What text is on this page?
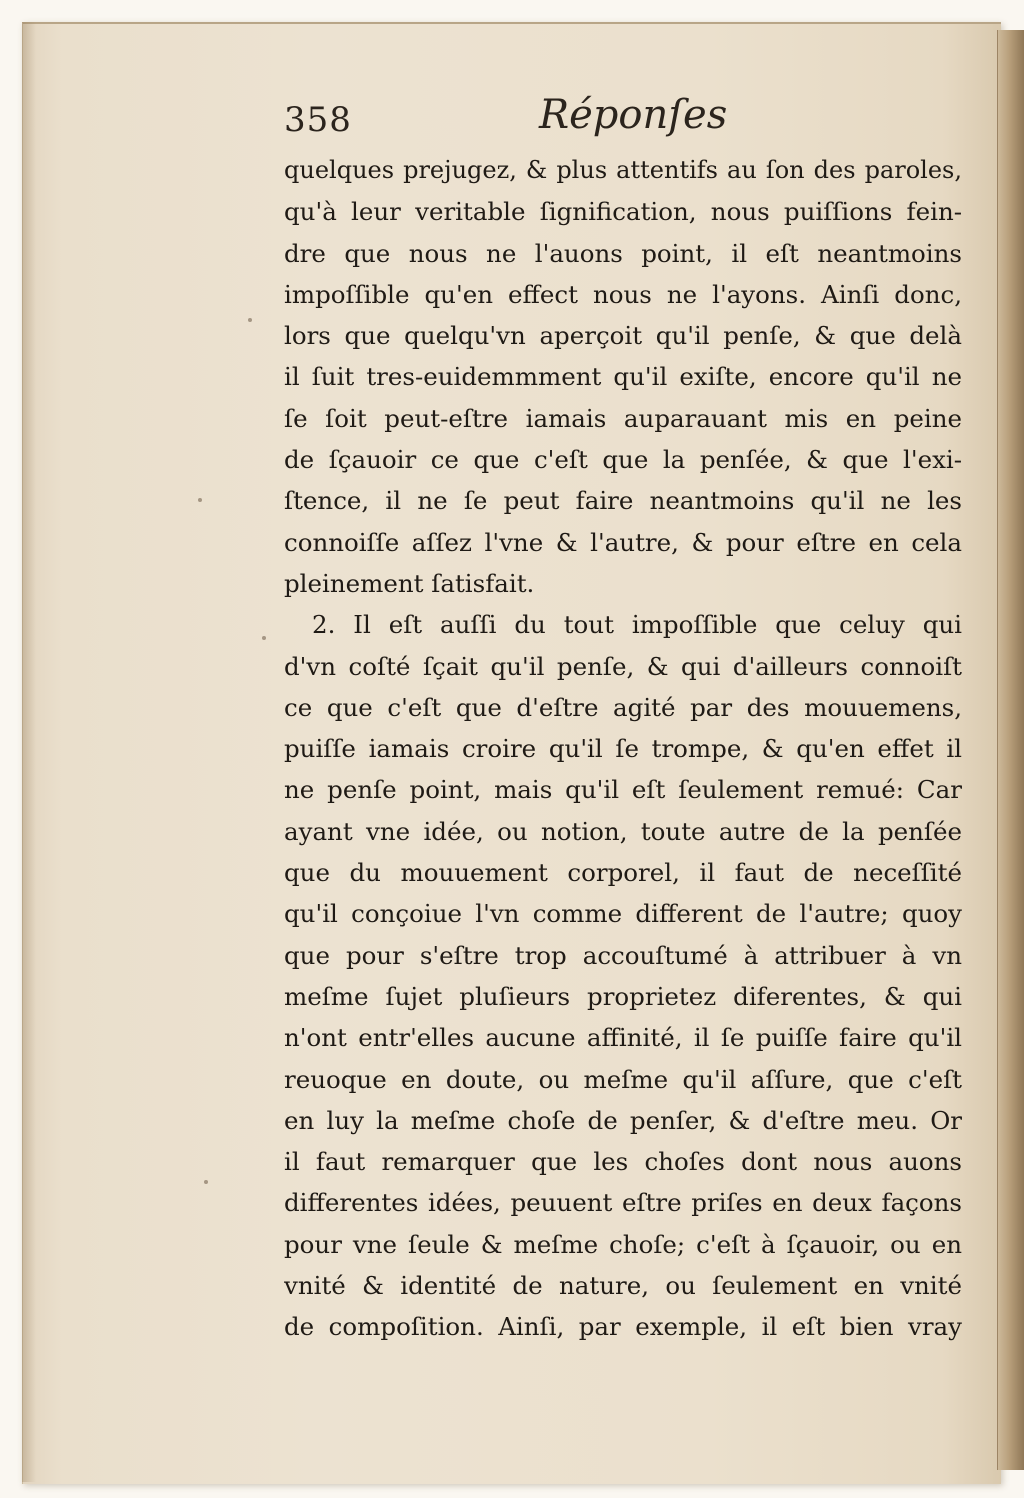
358	Réponſes
quelques prejugez, & plus attentifs au ſon des paroles,
qu'à leur veritable ſignification, nous puiſſions fein-
dre que nous ne l'auons point, il eſt neantmoins
impoſſible qu'en effect nous ne l'ayons. Ainſi donc,
lors que quelqu'vn aperçoit qu'il penſe, & que delà
il ſuit tres-euidemmment qu'il exiſte, encore qu'il ne
ſe ſoit peut-eſtre iamais auparauant mis en peine
de ſçauoir ce que c'eſt que la penſée, & que l'exi-
ſtence, il ne ſe peut faire neantmoins qu'il ne les
connoiſſe aſſez l'vne & l'autre, & pour eſtre en cela
pleinement ſatisfait.
2. Il eſt auſſi du tout impoſſible que celuy qui
d'vn coſté ſçait qu'il penſe, & qui d'ailleurs connoiſt
ce que c'eſt que d'eſtre agité par des mouuemens,
puiſſe iamais croire qu'il ſe trompe, & qu'en effet il
ne penſe point, mais qu'il eſt ſeulement remué: Car
ayant vne idée, ou notion, toute autre de la penſée
que du mouuement corporel, il faut de neceſſité
qu'il conçoiue l'vn comme different de l'autre; quoy
que pour s'eſtre trop accouſtumé à attribuer à vn
meſme ſujet pluſieurs proprietez diferentes, & qui
n'ont entr'elles aucune affinité, il ſe puiſſe faire qu'il
reuoque en doute, ou meſme qu'il aſſure, que c'eſt
en luy la meſme choſe de penſer, & d'eſtre meu. Or
il faut remarquer que les choſes dont nous auons
differentes idées, peuuent eſtre priſes en deux façons
pour vne ſeule & meſme choſe; c'eſt à ſçauoir, ou en
vnité & identité de nature, ou ſeulement en vnité
de compoſition. Ainſi, par exemple, il eſt bien vray
